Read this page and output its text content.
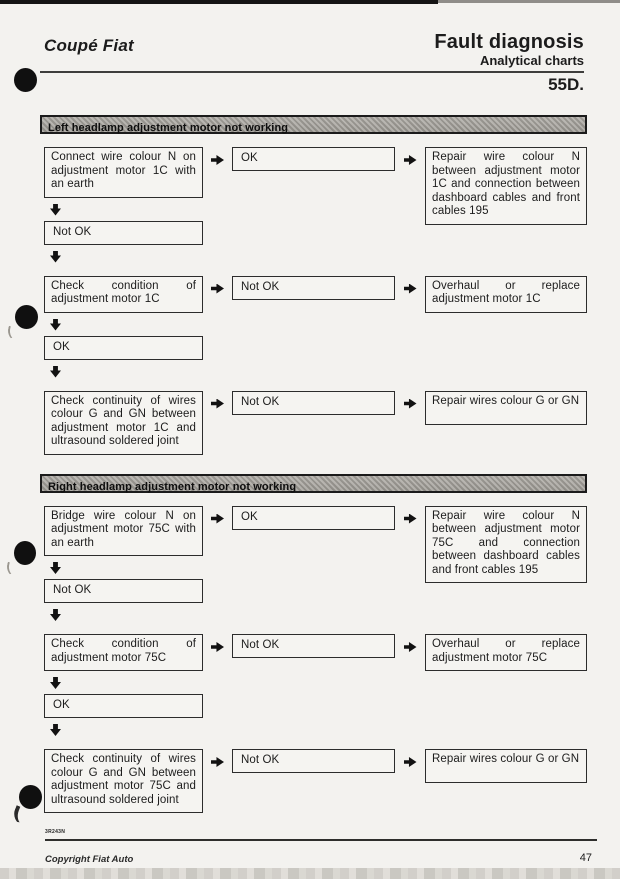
Coupé Fiat	Fault diagnosis
Analytical charts
55D.
Left headlamp adjustment motor not working
Connect wire colour N on adjustment motor 1C with an earth
Not OK
OK	Repair wire colour N between adjustment motor 1C and connection between dashboard cables and front cables 195
Check condition of adjustment motor 1C
OK
Not OK	Overhaul or replace adjustment motor 1C
Check continuity of wires colour G and GN between adjustment motor 1C and ultrasound soldered joint
Not OK	Repair wires colour G or GN
Right headlamp adjustment motor not working
Bridge wire colour N on adjustment motor 75C with an earth
Not OK
OK	Repair wire colour N between adjustment motor 75C and connection between dashboard cables and front cables 195
Check condition of adjustment motor 75C
OK
Not OK	Overhaul or replace adjustment motor 75C
Check continuity of wires colour G and GN between adjustment motor 75C and ultrasound soldered joint
Not OK	Repair wires colour G or GN
3R243N
Copyright Fiat Auto	47
